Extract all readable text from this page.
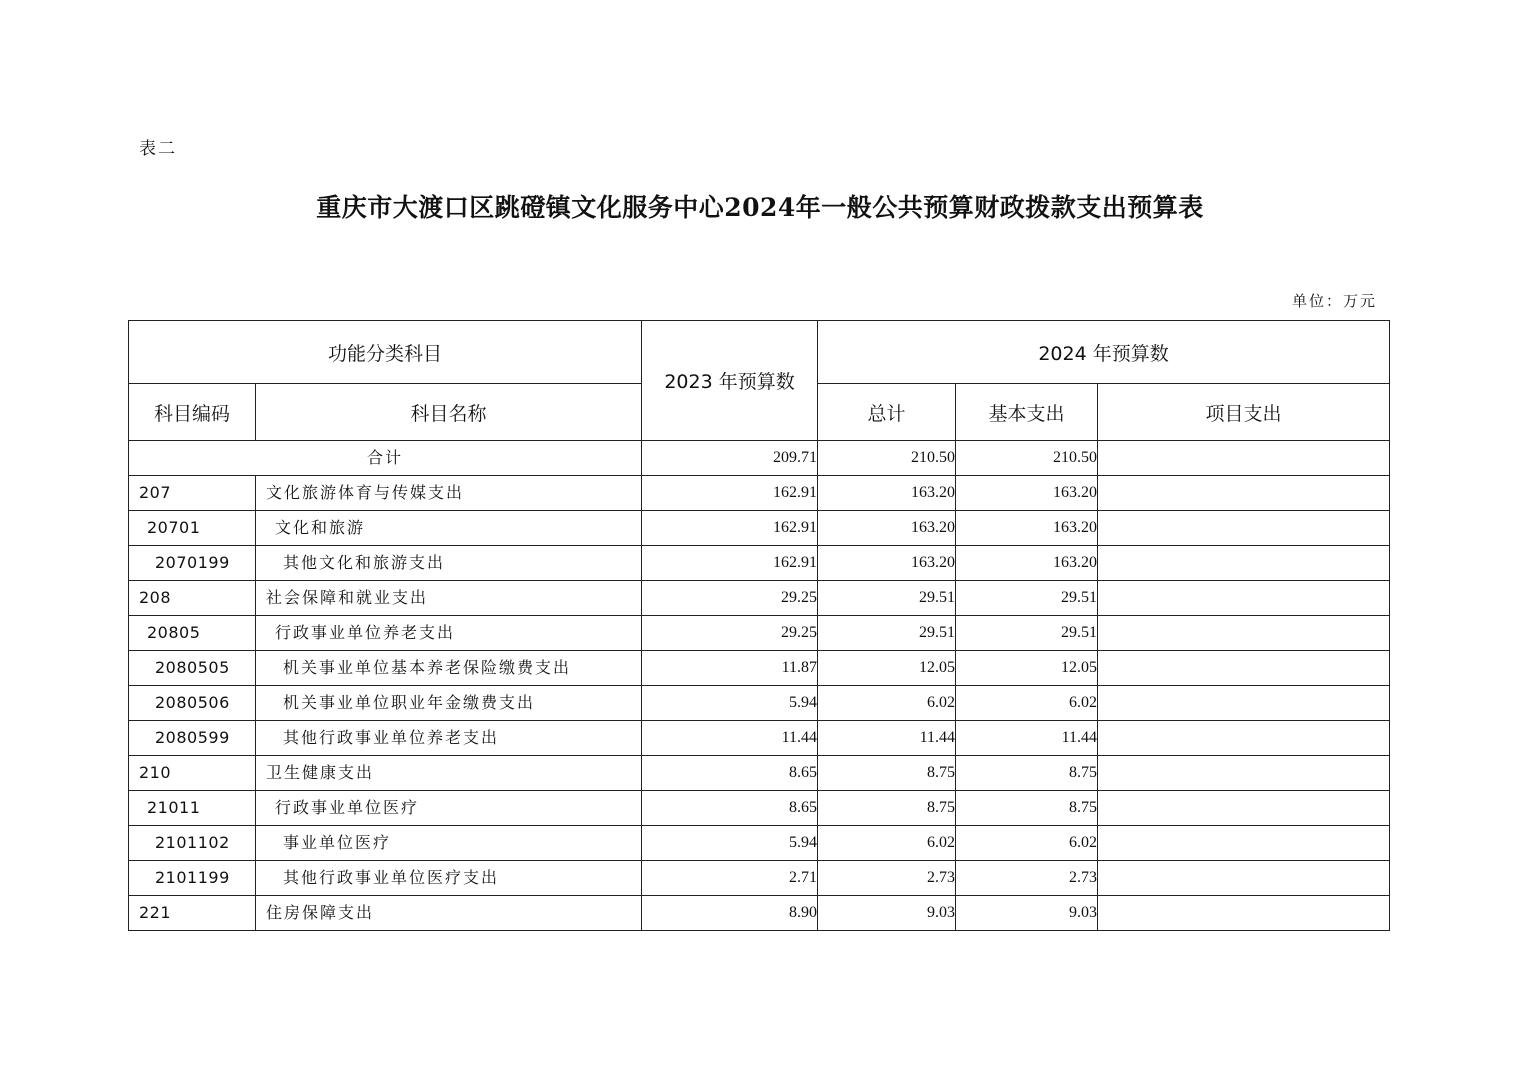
表二
重庆市大渡口区跳磴镇文化服务中心2024年一般公共预算财政拨款支出预算表
单位：万元
功能分类科目		2023 年预算数	2024 年预算数		
科目编码	科目名称		总计	基本支出	项目支出
合计		209.71	210.50	210.50	
207	文化旅游体育与传媒支出	162.91	163.20	163.20	
20701	文化和旅游	162.91	163.20	163.20	
2070199	其他文化和旅游支出	162.91	163.20	163.20	
208	社会保障和就业支出	29.25	29.51	29.51	
20805	行政事业单位养老支出	29.25	29.51	29.51	
2080505	机关事业单位基本养老保险缴费支出	11.87	12.05	12.05	
2080506	机关事业单位职业年金缴费支出	5.94	6.02	6.02	
2080599	其他行政事业单位养老支出	11.44	11.44	11.44	
210	卫生健康支出	8.65	8.75	8.75	
21011	行政事业单位医疗	8.65	8.75	8.75	
2101102	事业单位医疗	5.94	6.02	6.02	
2101199	其他行政事业单位医疗支出	2.71	2.73	2.73	
221	住房保障支出	8.90	9.03	9.03	
